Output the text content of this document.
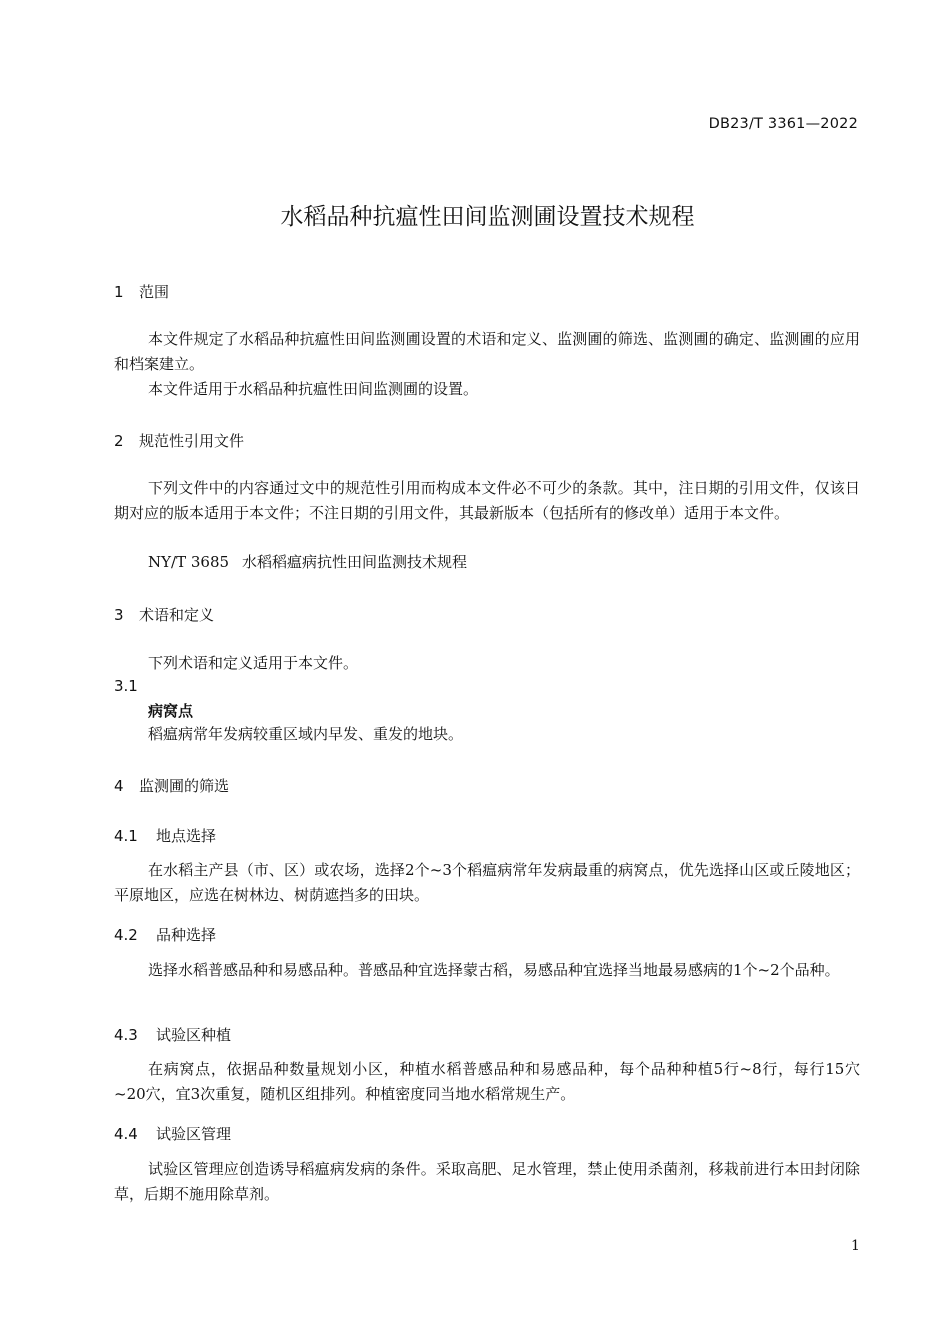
DB23/T 3361—2022
水稻品种抗瘟性田间监测圃设置技术规程
1 范围
本文件规定了水稻品种抗瘟性田间监测圃设置的术语和定义、监测圃的筛选、监测圃的确定、监测圃的应用和档案建立。
本文件适用于水稻品种抗瘟性田间监测圃的设置。
2 规范性引用文件
下列文件中的内容通过文中的规范性引用而构成本文件必不可少的条款。其中，注日期的引用文件，仅该日期对应的版本适用于本文件；不注日期的引用文件，其最新版本（包括所有的修改单）适用于本文件。
NY/T 3685 水稻稻瘟病抗性田间监测技术规程
3 术语和定义
下列术语和定义适用于本文件。
3.1
病窝点
稻瘟病常年发病较重区域内早发、重发的地块。
4 监测圃的筛选
4.1 地点选择
在水稻主产县（市、区）或农场，选择2个~3个稻瘟病常年发病最重的病窝点，优先选择山区或丘陵地区；平原地区，应选在树林边、树荫遮挡多的田块。
4.2 品种选择
选择水稻普感品种和易感品种。普感品种宜选择蒙古稻，易感品种宜选择当地最易感病的1个~2个品种。
4.3 试验区种植
在病窝点，依据品种数量规划小区，种植水稻普感品种和易感品种，每个品种种植5行~8行，每行15穴~20穴，宜3次重复，随机区组排列。种植密度同当地水稻常规生产。
4.4 试验区管理
试验区管理应创造诱导稻瘟病发病的条件。采取高肥、足水管理，禁止使用杀菌剂，移栽前进行本田封闭除草，后期不施用除草剂。
1
